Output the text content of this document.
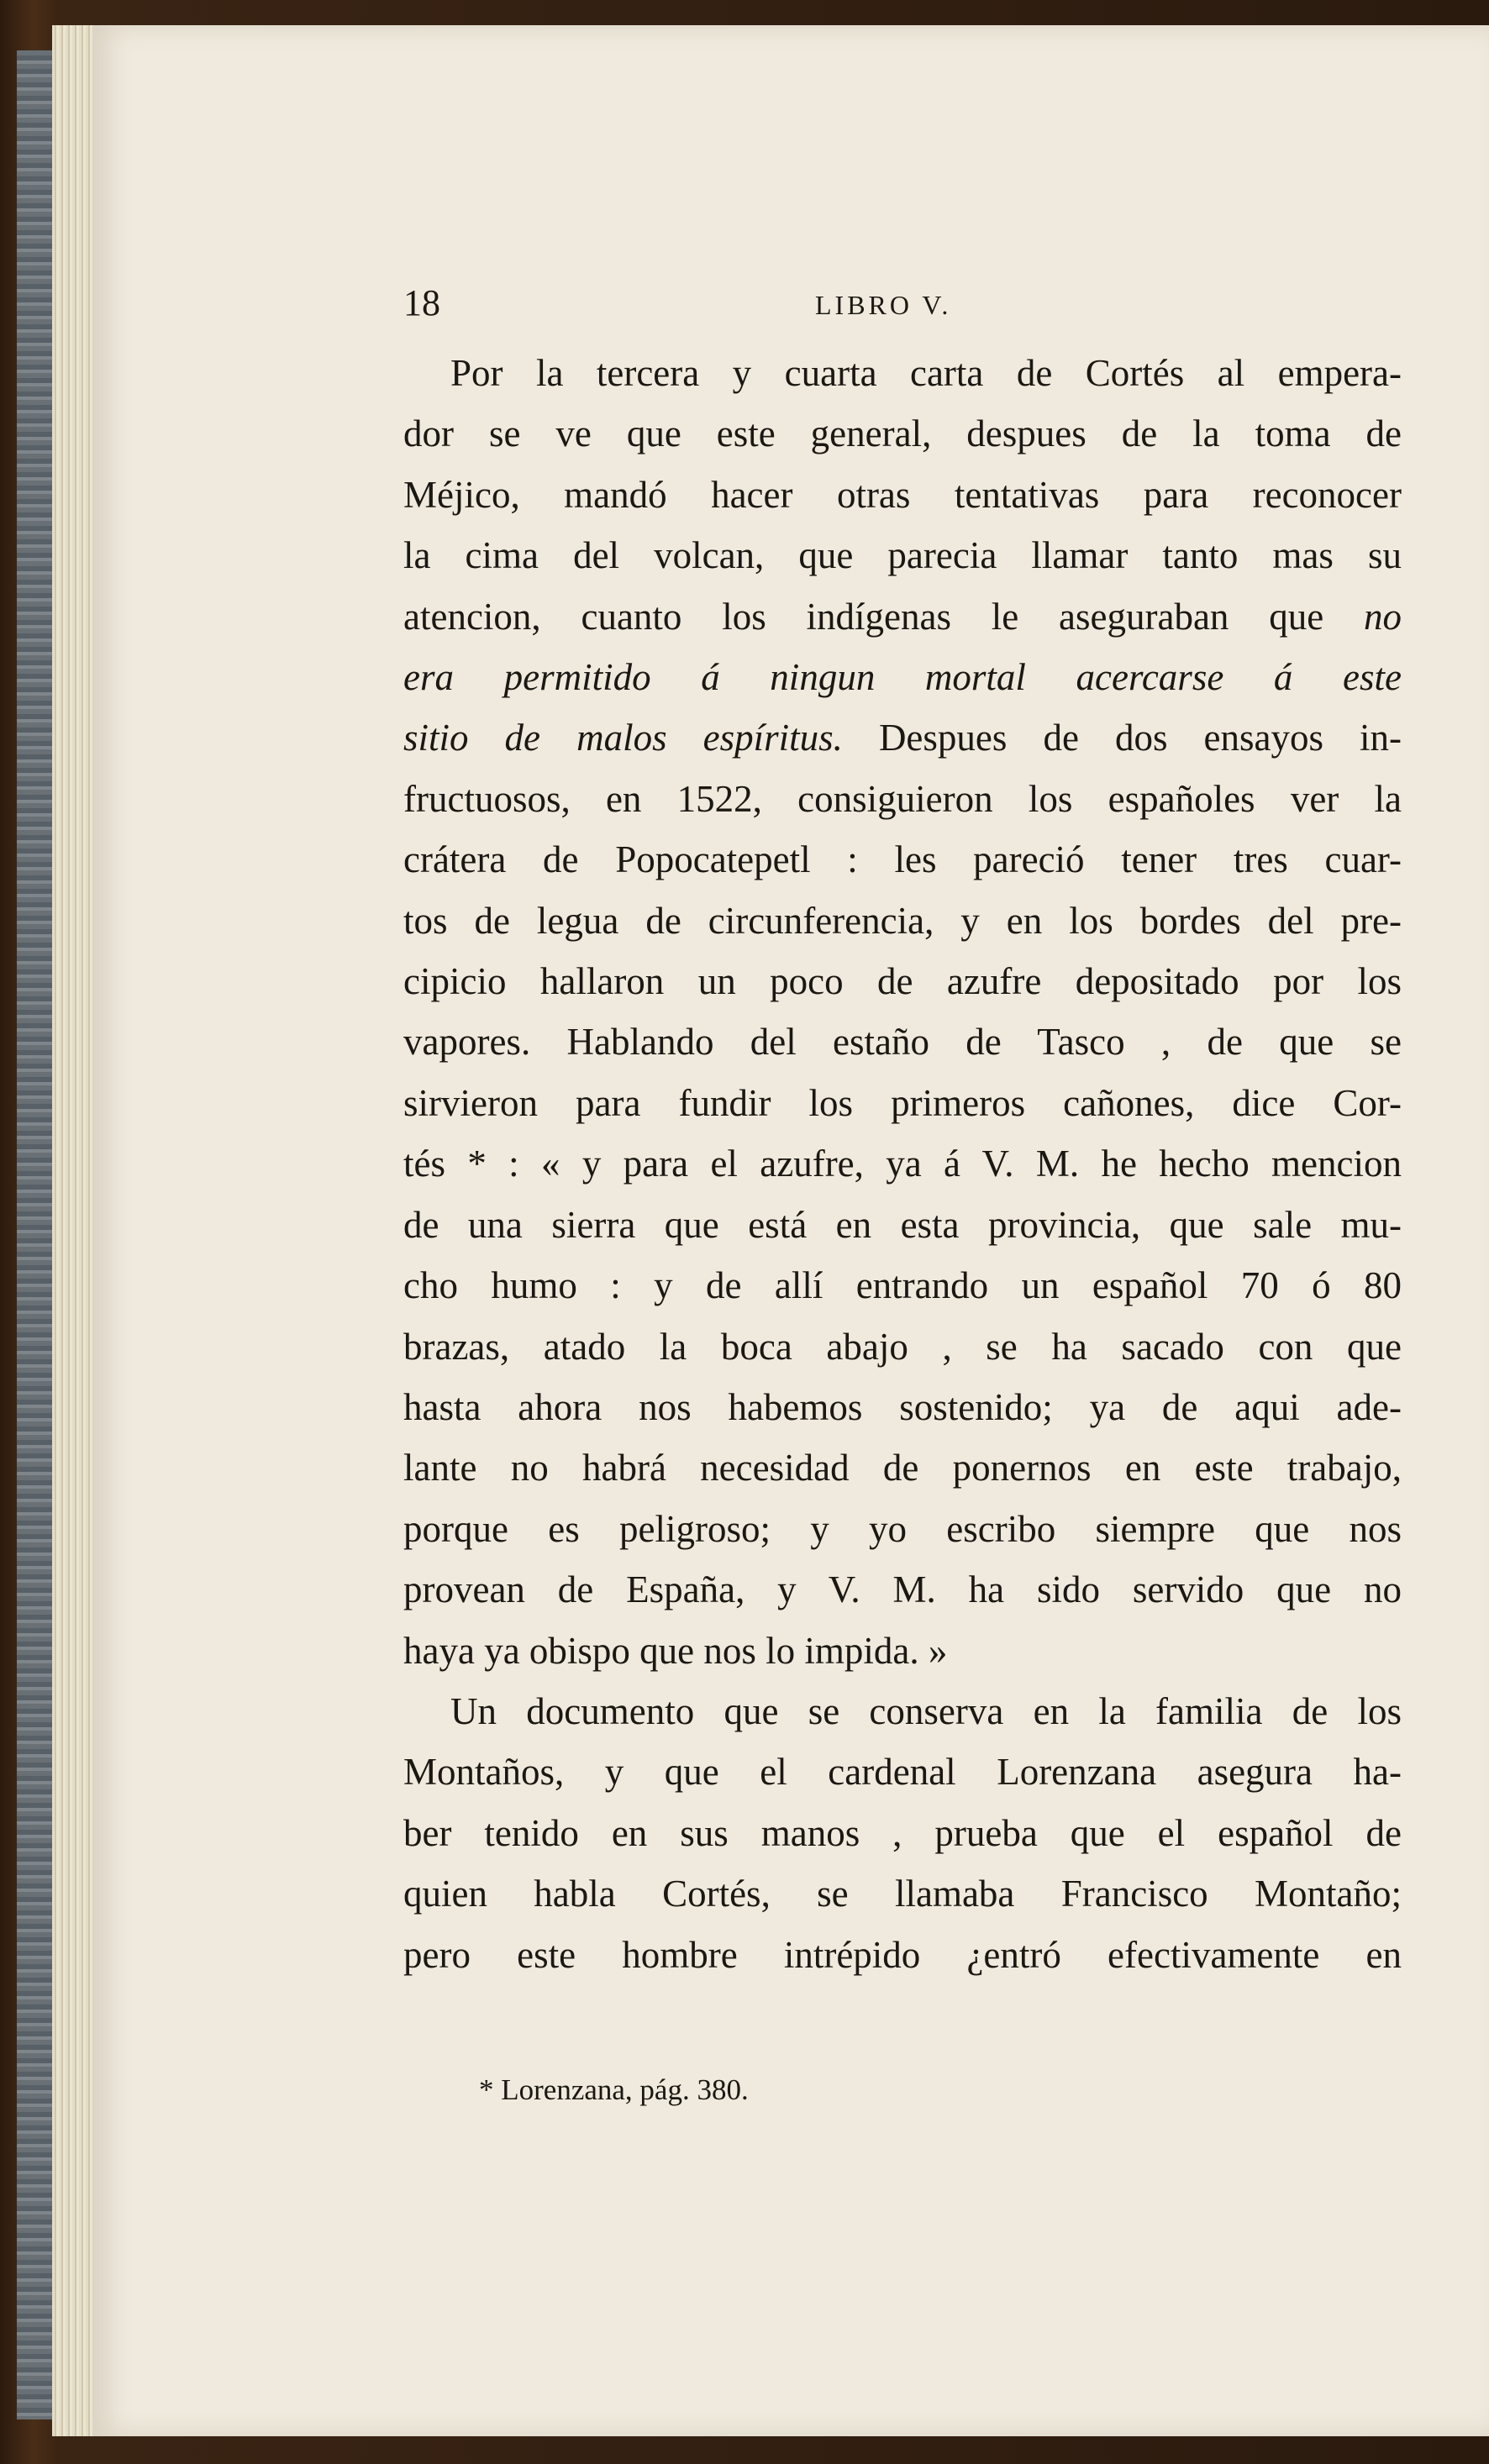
18	LIBRO V.
Por la tercera y cuarta carta de Cortés al empera-
dor se ve que este general, despues de la toma de
Méjico, mandó hacer otras tentativas para reconocer
la cima del volcan, que parecia llamar tanto mas su
atencion, cuanto los indígenas le aseguraban que no
era permitido á ningun mortal acercarse á este
sitio de malos espíritus. Despues de dos ensayos in-
fructuosos, en 1522, consiguieron los españoles ver la
crátera de Popocatepetl : les pareció tener tres cuar-
tos de legua de circunferencia, y en los bordes del pre-
cipicio hallaron un poco de azufre depositado por los
vapores. Hablando del estaño de Tasco , de que se
sirvieron para fundir los primeros cañones, dice Cor-
tés * : « y para el azufre, ya á V. M. he hecho mencion
de una sierra que está en esta provincia, que sale mu-
cho humo : y de allí entrando un español 70 ó 80
brazas, atado la boca abajo , se ha sacado con que
hasta ahora nos habemos sostenido; ya de aqui ade-
lante no habrá necesidad de ponernos en este trabajo,
porque es peligroso; y yo escribo siempre que nos
provean de España, y V. M. ha sido servido que no
haya ya obispo que nos lo impida. »
Un documento que se conserva en la familia de los
Montaños, y que el cardenal Lorenzana asegura ha-
ber tenido en sus manos , prueba que el español de
quien habla Cortés, se llamaba Francisco Montaño;
pero este hombre intrépido ¿entró efectivamente en
* Lorenzana, pág. 380.
